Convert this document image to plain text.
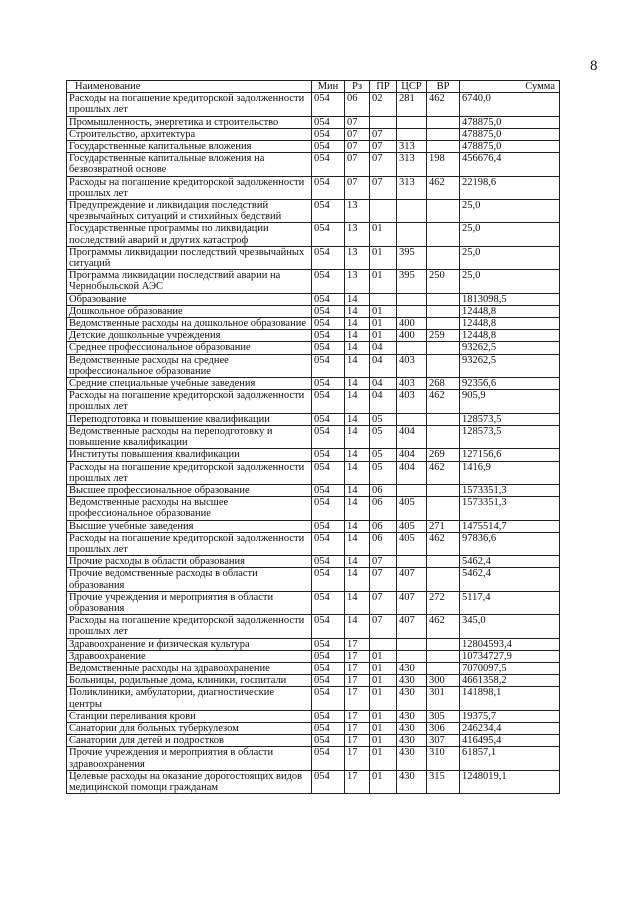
8
Наименование	Мин	Рз	ПР	ЦСР	ВР	Сумма
Расходы на погашение кредиторской задолженности прошлых лет	054	06	02	281	462	6740,0
Промышленность, энергетика и строительство	054	07				478875,0
Строительство, архитектура	054	07	07			478875,0
Государственные капитальные вложения	054	07	07	313		478875,0
Государственные капитальные вложения на безвозвратной основе	054	07	07	313	198	456676,4
Расходы на погашение кредиторской задолженности прошлых лет	054	07	07	313	462	22198,6
Предупреждение и ликвидация последствий чрезвычайных ситуаций и стихийных бедствий	054	13				25,0
Государственные программы по ликвидации последствий аварий и других катастроф	054	13	01			25,0
Программы ликвидации последствий чрезвычайных ситуаций	054	13	01	395		25,0
Программа ликвидации последствий аварии на Чернобыльской АЭС	054	13	01	395	250	25,0
Образование	054	14				1813098,5
Дошкольное образование	054	14	01			12448,8
Ведомственные расходы на дошкольное образование	054	14	01	400		12448,8
Детские дошкольные учреждения	054	14	01	400	259	12448,8
Среднее профессиональное образование	054	14	04			93262,5
Ведомственные расходы на среднее профессиональное образование	054	14	04	403		93262,5
Средние специальные учебные заведения	054	14	04	403	268	92356,6
Расходы на погашение кредиторской задолженности прошлых лет	054	14	04	403	462	905,9
Переподготовка и повышение квалификации	054	14	05			128573,5
Ведомственные расходы на переподготовку и повышение квалификации	054	14	05	404		128573,5
Институты повышения квалификации	054	14	05	404	269	127156,6
Расходы на погашение кредиторской задолженности прошлых лет	054	14	05	404	462	1416,9
Высшее профессиональное образование	054	14	06			1573351,3
Ведомственные расходы на высшее профессиональное образование	054	14	06	405		1573351,3
Высшие учебные заведения	054	14	06	405	271	1475514,7
Расходы на погашение кредиторской задолженности прошлых лет	054	14	06	405	462	97836,6
Прочие расходы в области образования	054	14	07			5462,4
Прочие ведомственные расходы в области образования	054	14	07	407		5462,4
Прочие учреждения и мероприятия в области образования	054	14	07	407	272	5117,4
Расходы на погашение кредиторской задолженности прошлых лет	054	14	07	407	462	345,0
Здравоохранение и физическая культура	054	17				12804593,4
Здравоохранение	054	17	01			10734727,9
Ведомственные расходы на здравоохранение	054	17	01	430		7070097,5
Больницы, родильные дома, клиники, госпитали	054	17	01	430	300	4661358,2
Поликлиники, амбулатории, диагностические центры	054	17	01	430	301	141898,1
Станции переливания крови	054	17	01	430	305	19375,7
Санатории для больных туберкулезом	054	17	01	430	306	246234,4
Санатории для детей и подростков	054	17	01	430	307	416495,4
Прочие учреждения и мероприятия в области здравоохранения	054	17	01	430	310	61857,1
Целевые расходы на оказание дорогостоящих видов медицинской помощи гражданам	054	17	01	430	315	1248019,1
